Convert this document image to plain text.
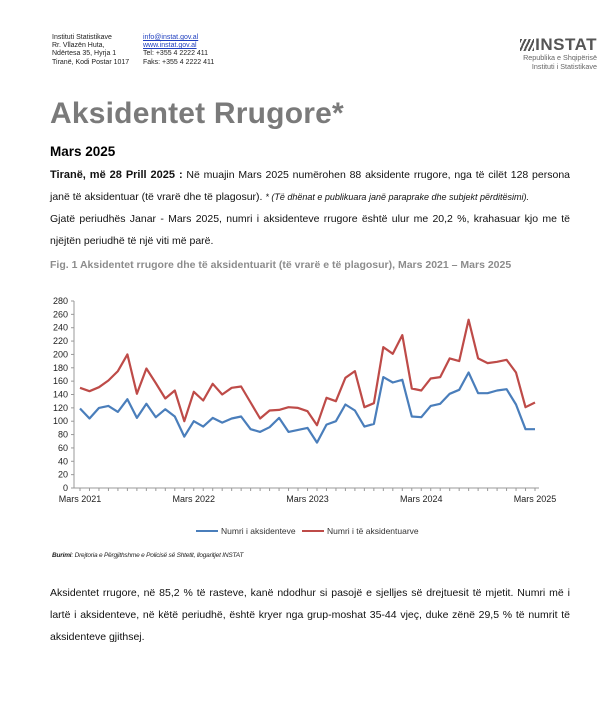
Instituti Statistikave
Rr. Vllazën Huta,
Ndërtesa 35, Hyrja 1
Tiranë, Kodi Postar 1017
info@instat.gov.al
www.instat.gov.al
Tel: +355 4 2222 411
Faks: +355 4 2222 411
INSTAT
Republika e Shqipërisë
Instituti i Statistikave
Aksidentet Rrugore*
Mars 2025
Tiranë, më 28 Prill 2025 : Në muajin Mars 2025 numërohen 88 aksidente rrugore, nga të cilët 128 persona janë të aksidentuar (të vrarë dhe të plagosur). * (Të dhënat e publikuara janë paraprake dhe subjekt përditësimi).
Gjatë periudhës Janar - Mars 2025, numri i aksidenteve rrugore është ulur me 20,2 %, krahasuar kjo me të njëjtën periudhë të një viti më parë.
Fig. 1 Aksidentet rrugore dhe të aksidentuarit (të vrarë e të plagosur), Mars 2021 – Mars 2025
0
20
40
60
80
100
120
140
160
180
200
220
240
260
280
Mars 2021	Mars 2022	Mars 2023	Mars 2024	Mars 2025
Numri i aksidenteve	Numri i të aksidentuarve
Burimi: Drejtoria e Përgjithshme e Policisë së Shtetit, llogaritjet INSTAT
Aksidentet rrugore, në 85,2 % të rasteve, kanë ndodhur si pasojë e sjelljes së drejtuesit të mjetit. Numri më i lartë i aksidenteve, në këtë periudhë, është kryer nga grup-moshat 35-44 vjeç, duke zënë 29,5 % të numrit të aksidenteve gjithsej.
